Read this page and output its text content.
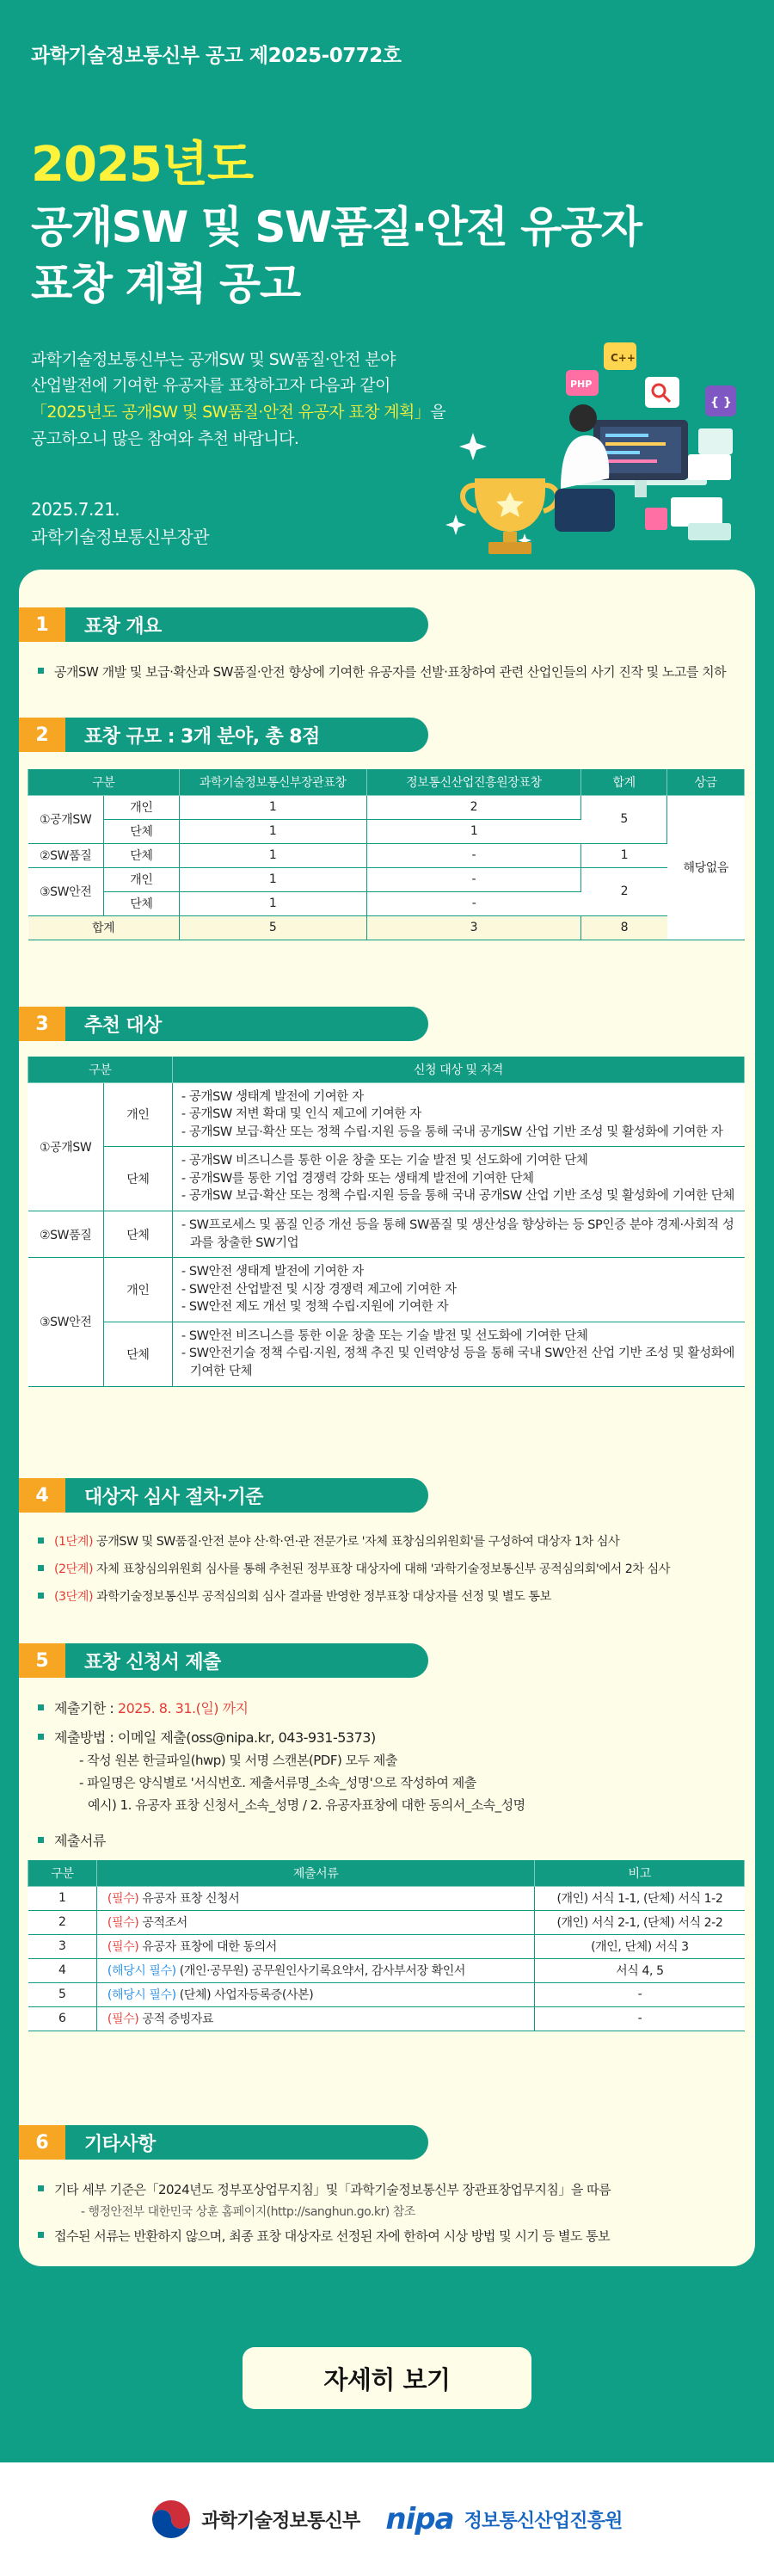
과학기술정보통신부 공고 제2025-0772호
2025년도
공개SW 및 SW품질·안전 유공자
표창 계획 공고
과학기술정보통신부는 공개SW 및 SW품질·안전 분야
산업발전에 기여한 유공자를 표창하고자 다음과 같이
「2025년도 공개SW 및 SW품질·안전 유공자 표창 계획」을
공고하오니 많은 참여와 추천 바랍니다.
2025.7.21.
과학기술정보통신부장관
C++
PHP
{ }
1	표창 개요
공개SW 개발 및 보급·확산과 SW품질·안전 향상에 기여한 유공자를 선발·표창하여 관련 산업인들의 사기 진작 및 노고를 치하
2	표창 규모 : 3개 분야, 총 8점
구분		과학기술정보통신부장관표창	정보통신산업진흥원장표창	합계	상금
①공개SW	개인	1	2	5	해당없음
	단체	1	1		
②SW품질	단체	1	-	1	
③SW안전	개인	1	-	2	
	단체	1	-		
합계		5	3	8	
3	추천 대상
구분		신청 대상 및 자격
①공개SW	개인	- 공개SW 생태계 발전에 기여한 자
- 공개SW 저변 확대 및 인식 제고에 기여한 자
- 공개SW 보급·확산 또는 정책 수립·지원 등을 통해 국내 공개SW 산업 기반 조성 및 활성화에 기여한 자

	단체	- 공개SW 비즈니스를 통한 이윤 창출 또는 기술 발전 및 선도화에 기여한 단체
- 공개SW를 통한 기업 경쟁력 강화 또는 생태계 발전에 기여한 단체
- 공개SW 보급·확산 또는 정책 수립·지원 등을 통해 국내 공개SW 산업 기반 조성 및 활성화에 기여한 단체

②SW품질	단체	- SW프로세스 및 품질 인증 개선 등을 통해 SW품질 및 생산성을 향상하는 등 SP인증 분야 경제·사회적 성과를 창출한 SW기업

③SW안전	개인	- SW안전 생태계 발전에 기여한 자
- SW안전 산업발전 및 시장 경쟁력 제고에 기여한 자
- SW안전 제도 개선 및 정책 수립·지원에 기여한 자

	단체	- SW안전 비즈니스를 통한 이윤 창출 또는 기술 발전 및 선도화에 기여한 단체
- SW안전기술 정책 수립·지원, 정책 추진 및 인력양성 등을 통해 국내 SW안전 산업 기반 조성 및 활성화에 기여한 단체
4	대상자 심사 절차·기준
(1단계) 공개SW 및 SW품질·안전 분야 산·학·연·관 전문가로 '자체 표창심의위원회'를 구성하여 대상자 1차 심사
(2단계) 자체 표창심의위원회 심사를 통해 추천된 정부표창 대상자에 대해 '과학기술정보통신부 공적심의회'에서 2차 심사
(3단계) 과학기술정보통신부 공적심의회 심사 결과를 반영한 정부표창 대상자를 선정 및 별도 통보
5	표창 신청서 제출
제출기한 : 2025. 8. 31.(일) 까지
제출방법 : 이메일 제출(oss@nipa.kr, 043-931-5373)
- 작성 원본 한글파일(hwp) 및 서명 스캔본(PDF) 모두 제출
- 파일명은 양식별로 '서식번호. 제출서류명_소속_성명'으로 작성하여 제출
예시) 1. 유공자 표창 신청서_소속_성명 / 2. 유공자표창에 대한 동의서_소속_성명
제출서류
구분	제출서류	비고
1	(필수) 유공자 표창 신청서	(개인) 서식 1-1, (단체) 서식 1-2
2	(필수) 공적조서	(개인) 서식 2-1, (단체) 서식 2-2
3	(필수) 유공자 표창에 대한 동의서	(개인, 단체) 서식 3
4	(해당시 필수) (개인·공무원) 공무원인사기록요약서, 감사부서장 확인서	서식 4, 5
5	(해당시 필수) (단체) 사업자등록증(사본)	-
6	(필수) 공적 증빙자료	-
6	기타사항
기타 세부 기준은「2024년도 정부포상업무지침」및「과학기술정보통신부 장관표창업무지침」을 따름
- 행정안전부 대한민국 상훈 홈페이지(http://sanghun.go.kr) 참조
접수된 서류는 반환하지 않으며, 최종 표창 대상자로 선정된 자에 한하여 시상 방법 및 시기 등 별도 통보
자세히 보기
과학기술정보통신부 nipa 정보통신산업진흥원
